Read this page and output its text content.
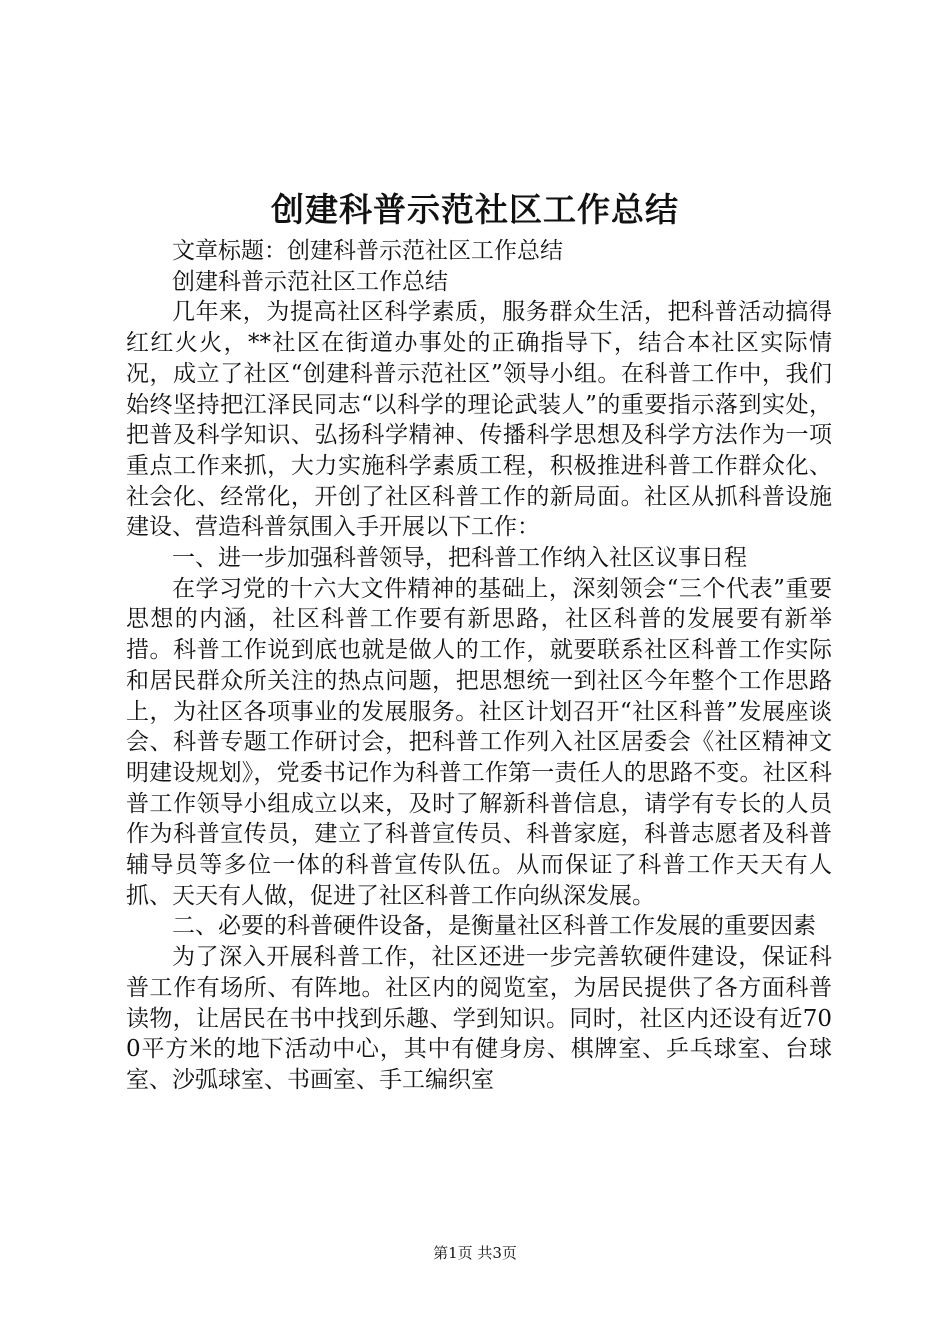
创建科普示范社区工作总结

文章标题：创建科普示范社区工作总结

创建科普示范社区工作总结

几年来，为提高社区科学素质，服务群众生活，把科普活动搞得红红火火，**社区在街道办事处的正确指导下，结合本社区实际情况，成立了社区“创建科普示范社区”领导小组。在科普工作中，我们始终坚持把江泽民同志“以科学的理论武装人”的重要指示落到实处，把普及科学知识、弘扬科学精神、传播科学思想及科学方法作为一项重点工作来抓，大力实施科学素质工程，积极推进科普工作群众化、社会化、经常化，开创了社区科普工作的新局面。社区从抓科普设施建设、营造科普氛围入手开展以下工作：

一、进一步加强科普领导，把科普工作纳入社区议事日程

在学习党的十六大文件精神的基础上，深刻领会“三个代表”重要思想的内涵，社区科普工作要有新思路，社区科普的发展要有新举措。科普工作说到底也就是做人的工作，就要联系社区科普工作实际和居民群众所关注的热点问题，把思想统一到社区今年整个工作思路上，为社区各项事业的发展服务。社区计划召开“社区科普”发展座谈会、科普专题工作研讨会，把科普工作列入社区居委会《社区精神文明建设规划》，党委书记作为科普工作第一责任人的思路不变。社区科普工作领导小组成立以来，及时了解新科普信息，请学有专长的人员作为科普宣传员，建立了科普宣传员、科普家庭，科普志愿者及科普辅导员等多位一体的科普宣传队伍。从而保证了科普工作天天有人抓、天天有人做，促进了社区科普工作向纵深发展。

二、必要的科普硬件设备，是衡量社区科普工作发展的重要因素

为了深入开展科普工作，社区还进一步完善软硬件建设，保证科普工作有场所、有阵地。社区内的阅览室，为居民提供了各方面科普读物，让居民在书中找到乐趣、学到知识。同时，社区内还设有近700平方米的地下活动中心，其中有健身房、棋牌室、乒乓球室、台球室、沙弧球室、书画室、手工编织室

第1页 共3页
